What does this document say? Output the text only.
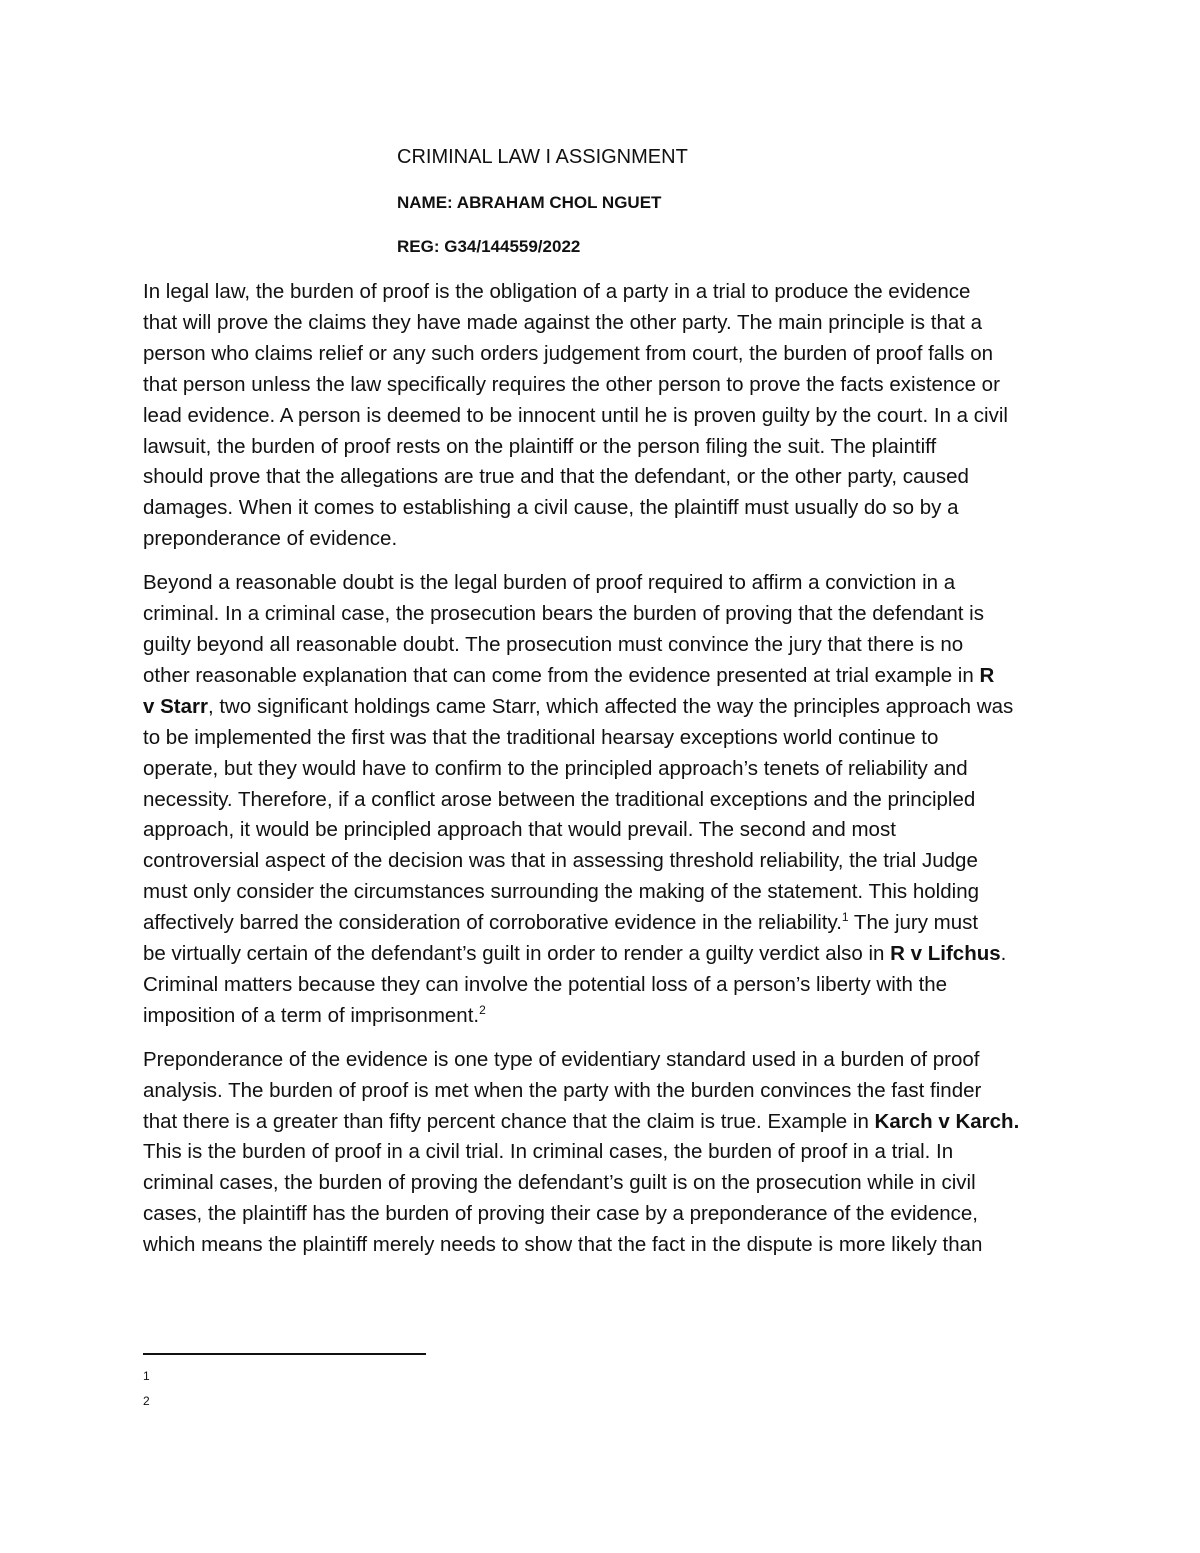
CRIMINAL LAW I ASSIGNMENT
NAME: ABRAHAM CHOL NGUET
REG: G34/144559/2022

In legal law, the burden of proof is the obligation of a party in a trial to produce the evidence
that will prove the claims they have made against the other party. The main principle is that a
person who claims relief or any such orders judgement from court, the burden of proof falls on
that person unless the law specifically requires the other person to prove the facts existence or
lead evidence. A person is deemed to be innocent until he is proven guilty by the court. In a civil
lawsuit, the burden of proof rests on the plaintiff or the person filing the suit. The plaintiff
should prove that the allegations are true and that the defendant, or the other party, caused
damages. When it comes to establishing a civil cause, the plaintiff must usually do so by a
preponderance of evidence.

Beyond a reasonable doubt is the legal burden of proof required to affirm a conviction in a
criminal. In a criminal case, the prosecution bears the burden of proving that the defendant is
guilty beyond all reasonable doubt. The prosecution must convince the jury that there is no
other reasonable explanation that can come from the evidence presented at trial example in R
v Starr, two significant holdings came Starr, which affected the way the principles approach was
to be implemented the first was that the traditional hearsay exceptions world continue to
operate, but they would have to confirm to the principled approach’s tenets of reliability and
necessity. Therefore, if a conflict arose between the traditional exceptions and the principled
approach, it would be principled approach that would prevail. The second and most
controversial aspect of the decision was that in assessing threshold reliability, the trial Judge
must only consider the circumstances surrounding the making of the statement. This holding
affectively barred the consideration of corroborative evidence in the reliability.$^1$ The jury must
be virtually certain of the defendant’s guilt in order to render a guilty verdict also in R v Lifchus.
Criminal matters because they can involve the potential loss of a person’s liberty with the
imposition of a term of imprisonment.$^2$

Preponderance of the evidence is one type of evidentiary standard used in a burden of proof
analysis. The burden of proof is met when the party with the burden convinces the fast finder
that there is a greater than fifty percent chance that the claim is true. Example in Karch v Karch.
This is the burden of proof in a civil trial. In criminal cases, the burden of proof in a trial. In
criminal cases, the burden of proving the defendant’s guilt is on the prosecution while in civil
cases, the plaintiff has the burden of proving their case by a preponderance of the evidence,
which means the plaintiff merely needs to show that the fact in the dispute is more likely than

1
2
